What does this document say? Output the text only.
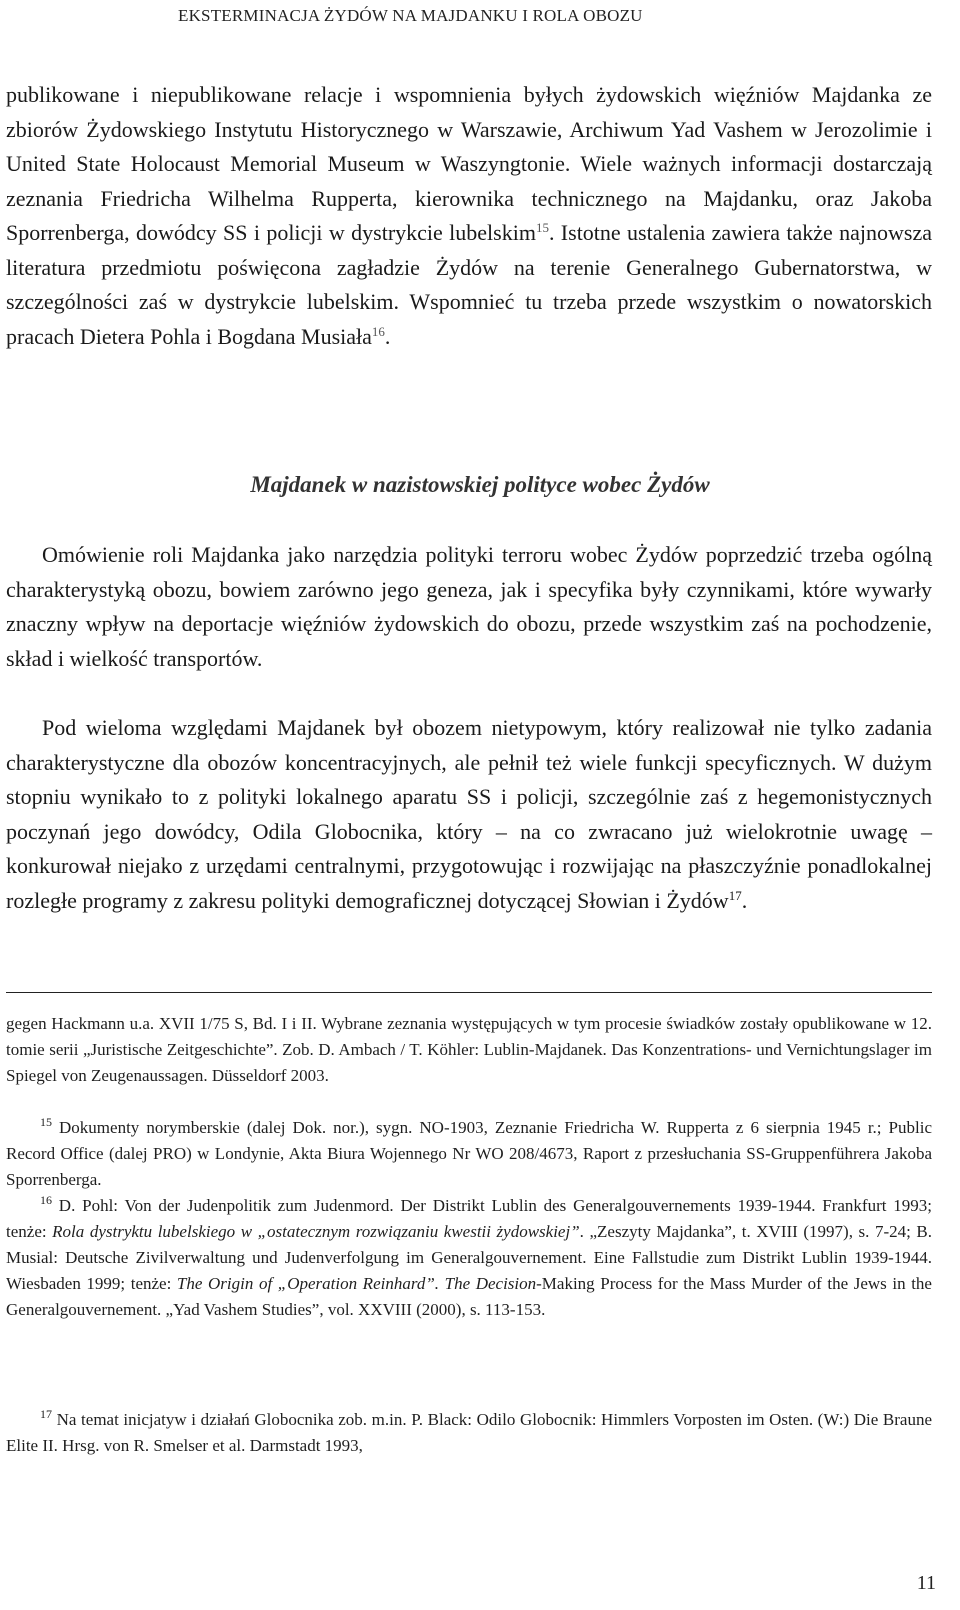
EKSTERMINACJA ŻYDÓW NA MAJDANKU I ROLA OBOZU

publikowane i niepublikowane relacje i wspomnienia byłych żydowskich więźniów Majdanka ze zbiorów Żydowskiego Instytutu Historycznego w Warszawie, Archiwum Yad Vashem w Jerozolimie i United State Holocaust Memorial Museum w Waszyngtonie. Wiele ważnych informacji dostarczają zeznania Friedricha Wilhelma Rupperta, kierownika technicznego na Majdanku, oraz Jakoba Sporrenberga, dowódcy SS i policji w dystrykcie lubelskim$^{15}$. Istotne ustalenia zawiera także najnowsza literatura przedmiotu poświęcona zagładzie Żydów na terenie Generalnego Gubernatorstwa, w szczególności zaś w dystrykcie lubelskim. Wspomnieć tu trzeba przede wszystkim o nowatorskich pracach Dietera Pohla i Bogdana Musiała$^{16}$.

Majdanek w nazistowskiej polityce wobec Żydów

Omówienie roli Majdanka jako narzędzia polityki terroru wobec Żydów poprzedzić trzeba ogólną charakterystyką obozu, bowiem zarówno jego geneza, jak i specyfika były czynnikami, które wywarły znaczny wpływ na deportacje więźniów żydowskich do obozu, przede wszystkim zaś na pochodzenie, skład i wielkość transportów.

Pod wieloma względami Majdanek był obozem nietypowym, który realizował nie tylko zadania charakterystyczne dla obozów koncentracyjnych, ale pełnił też wiele funkcji specyficznych. W dużym stopniu wynikało to z polityki lokalnego aparatu SS i policji, szczególnie zaś z hegemonistycznych poczynań jego dowódcy, Odila Globocnika, który – na co zwracano już wielokrotnie uwagę – konkurował niejako z urzędami centralnymi, przygotowując i rozwijając na płaszczyźnie ponadlokalnej rozległe programy z zakresu polityki demograficznej dotyczącej Słowian i Żydów$^{17}$.

gegen Hackmann u.a. XVII 1/75 S, Bd. I i II. Wybrane zeznania występujących w tym procesie świadków zostały opublikowane w 12. tomie serii „Juristische Zeitgeschichte”. Zob. D. Ambach / T. Köhler: Lublin-Majdanek. Das Konzentrations- und Vernichtungslager im Spiegel von Zeugenaussagen. Düsseldorf 2003.

$^{15}$ Dokumenty norymberskie (dalej Dok. nor.), sygn. NO-1903, Zeznanie Friedricha W. Rupperta z 6 sierpnia 1945 r.; Public Record Office (dalej PRO) w Londynie, Akta Biura Wojennego Nr WO 208/4673, Raport z przesłuchania SS-Gruppenführera Jakoba Sporrenberga.

$^{16}$ D. Pohl: Von der Judenpolitik zum Judenmord. Der Distrikt Lublin des Generalgouvernements 1939-1944. Frankfurt 1993; tenże: Rola dystryktu lubelskiego w „ostatecznym rozwiązaniu kwestii żydowskiej”. „Zeszyty Majdanka”, t. XVIII (1997), s. 7-24; B. Musial: Deutsche Zivilverwaltung und Judenverfolgung im Generalgouvernement. Eine Fallstudie zum Distrikt Lublin 1939-1944. Wiesbaden 1999; tenże: The Origin of „Operation Reinhard”. The Decision-Making Process for the Mass Murder of the Jews in the Generalgouvernement. „Yad Vashem Studies”, vol. XXVIII (2000), s. 113-153.

$^{17}$ Na temat inicjatyw i działań Globocnika zob. m.in. P. Black: Odilo Globocnik: Himmlers Vorposten im Osten. (W:) Die Braune Elite II. Hrsg. von R. Smelser et al. Darmstadt 1993,

11
